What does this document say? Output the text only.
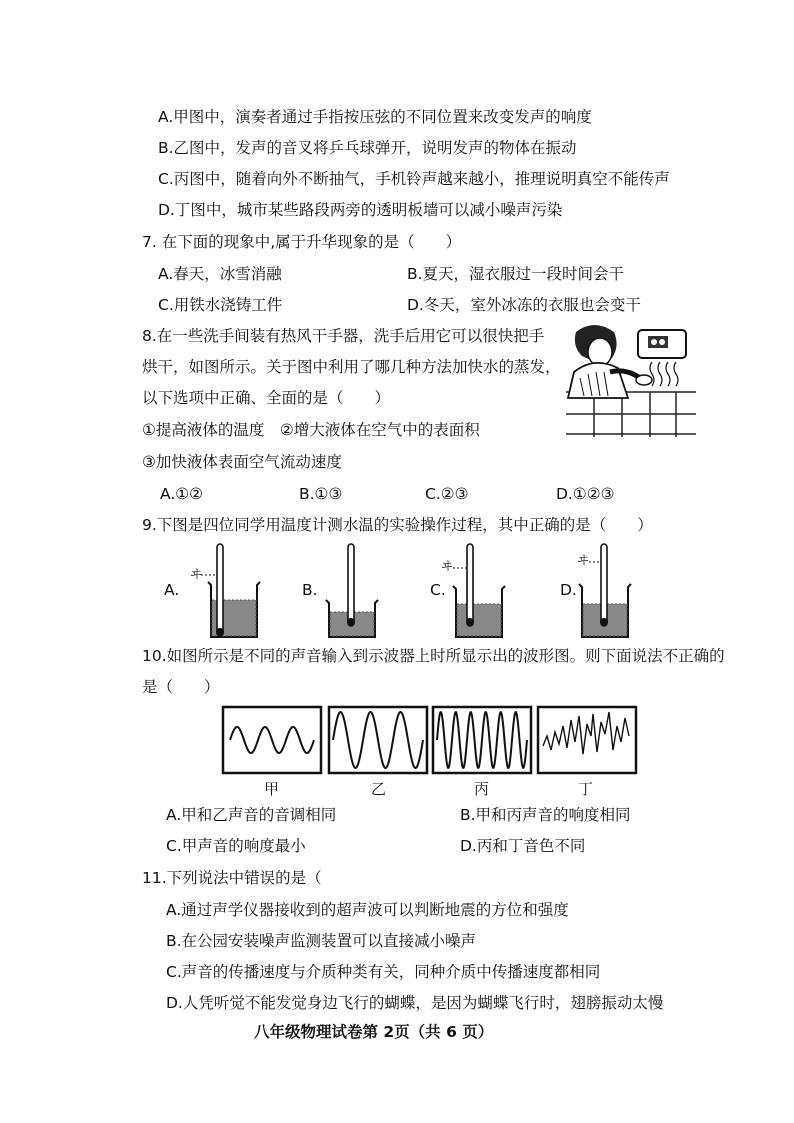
A.甲图中，演奏者通过手指按压弦的不同位置来改变发声的响度
B.乙图中，发声的音叉将乒乓球弹开，说明发声的物体在振动
C.丙图中，随着向外不断抽气，手机铃声越来越小，推理说明真空不能传声
D.丁图中，城市某些路段两旁的透明板墙可以减小噪声污染
7. 在下面的现象中,属于升华现象的是（　　）
A.春天，冰雪消融	B.夏天，湿衣服过一段时间会干
C.用铁水浇铸工件	D.冬天，室外冰冻的衣服也会变干
8.在一些洗手间装有热风干手器，洗手后用它可以很快把手
烘干，如图所示。关于图中利用了哪几种方法加快水的蒸发，
以下选项中正确、全面的是（　　）
①提高液体的温度　②增大液体在空气中的表面积
③加快液体表面空气流动速度
A.①②	B.①③	C.②③	D.①②③
9.下图是四位同学用温度计测水温的实验操作过程，其中正确的是（　　）
A.	B.	C.	D.
ヰ
ヰ	ヰ
10.如图所示是不同的声音输入到示波器上时所显示出的波形图。则下面说法不正确的
是（　　）
甲	乙	丙	丁
A.甲和乙声音的音调相同	B.甲和丙声音的响度相同
C.甲声音的响度最小	D.丙和丁音色不同
11.下列说法中错误的是（
A.通过声学仪器接收到的超声波可以判断地震的方位和强度
B.在公园安装噪声监测装置可以直接减小噪声
C.声音的传播速度与介质种类有关，同种介质中传播速度都相同
D.人凭听觉不能发觉身边飞行的蝴蝶，是因为蝴蝶飞行时，翅膀振动太慢
八年级物理试卷第 2页（共 6 页）
